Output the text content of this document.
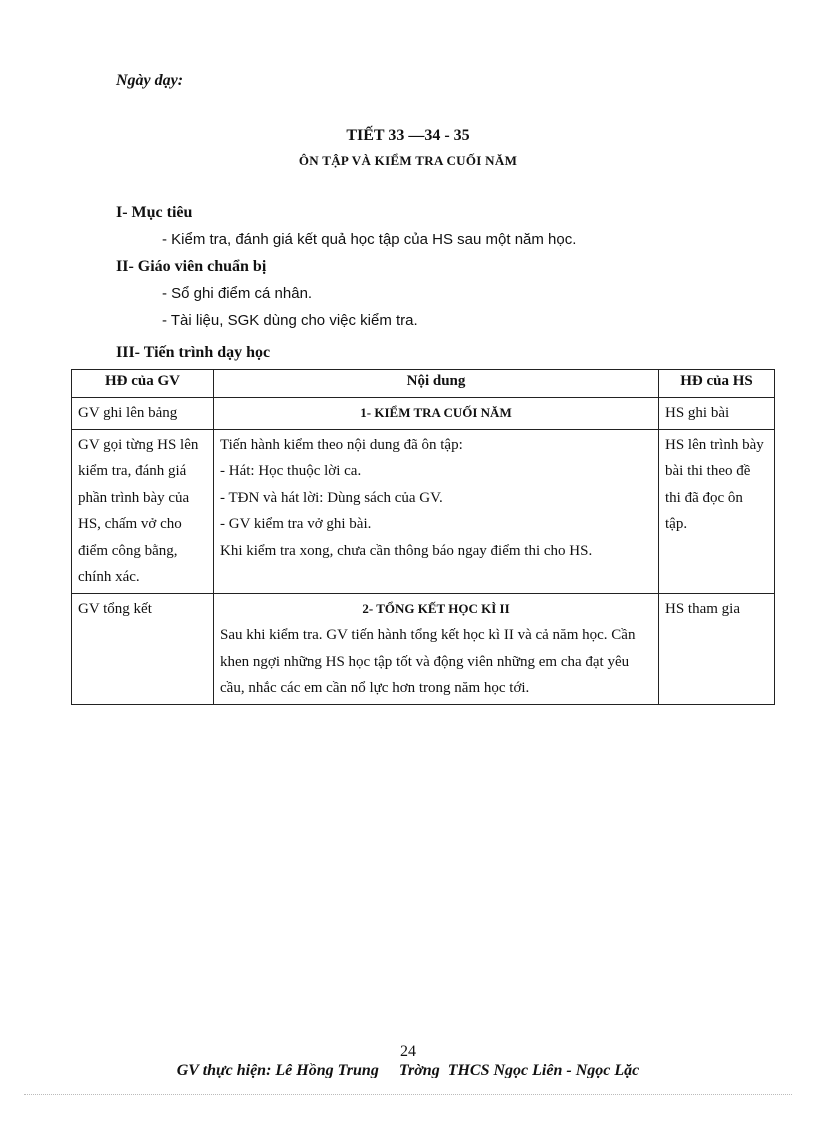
Ngày dạy:
TIẾT 33 —34 - 35
ÔN TẬP VÀ KIỂM TRA CUỐI NĂM
I- Mục tiêu
- Kiểm tra, đánh giá kết quả học tập của HS sau một năm học.
II- Giáo viên chuẩn bị
- Sổ ghi điểm cá nhân.
- Tài liệu, SGK dùng cho việc kiểm tra.
III- Tiến trình dạy học
HĐ của GV	Nội dung	HĐ của HS
GV ghi lên bảng	1- KIỂM TRA CUỐI NĂM	HS ghi bài
GV gọi từng HS lên kiểm tra, đánh giá phần trình bày của HS, chấm vở cho điểm công bằng, chính xác.	Tiến hành kiểm theo nội dung đã ôn tập:
- Hát: Học thuộc lời ca.
- TĐN và hát lời: Dùng sách của GV.
- GV kiểm tra vở ghi bài.
Khi kiểm tra xong, chưa cần thông báo ngay điểm thi cho HS.	HS lên trình bày bài thi theo đề thi đã đọc ôn tập.
GV tổng kết	2- TỔNG KẾT HỌC KÌ II
Sau khi kiểm tra. GV tiến hành tổng kết học kì II và cả năm học. Cần khen ngợi những HS học tập tốt và động viên những em cha đạt yêu cầu, nhắc các em cần nổ lực hơn trong năm học tới.	HS tham gia
24
GV thực hiện: Lê Hồng Trung     Trờng  THCS Ngọc Liên - Ngọc Lặc
